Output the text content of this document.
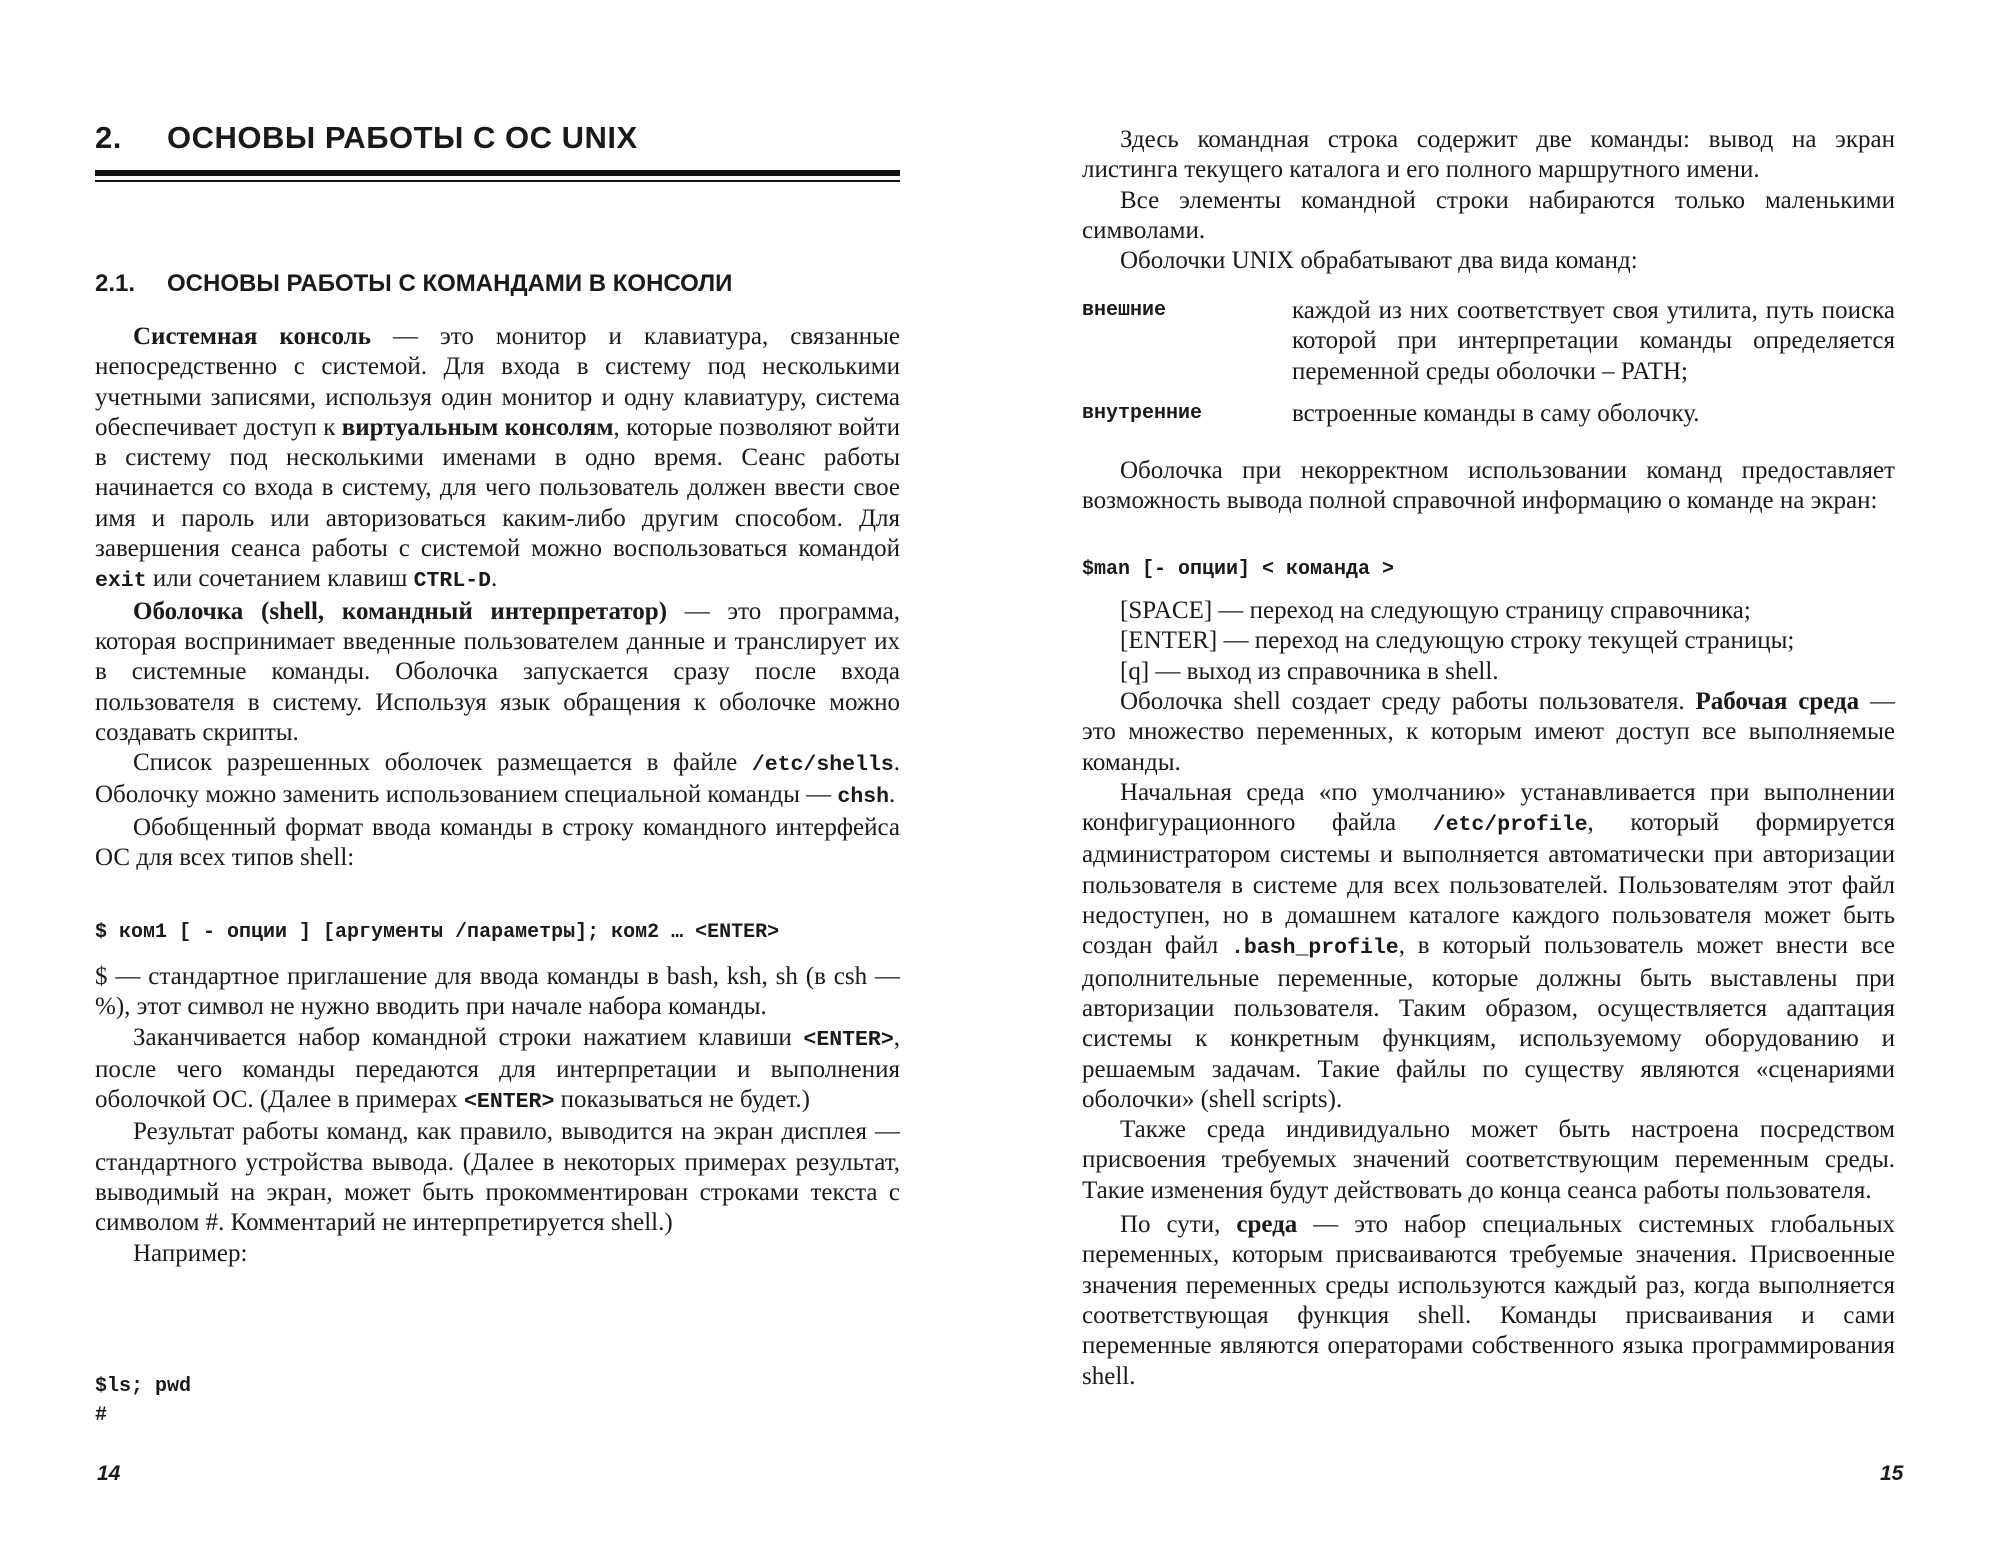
2. ОСНОВЫ РАБОТЫ С ОС UNIX
2.1. ОСНОВЫ РАБОТЫ С КОМАНДАМИ В КОНСОЛИ

Системная консоль — это монитор и клавиатура, связанные непосредственно с системой. Для входа в систему под несколькими учетными записями, используя один монитор и одну клавиатуру, система обеспечивает доступ к виртуальным консолям, которые позволяют войти в систему под несколькими именами в одно время. Сеанс работы начинается со входа в систему, для чего пользователь должен ввести свое имя и пароль или авторизоваться каким-либо другим способом. Для завершения сеанса работы с системой можно воспользоваться командой exit или сочетанием клавиш CTRL-D.

Оболочка (shell, командный интерпретатор) — это программа, которая воспринимает введенные пользователем данные и транслирует их в системные команды. Оболочка запускается сразу после входа пользователя в систему. Используя язык обращения к оболочке можно создавать скрипты.

Список разрешенных оболочек размещается в файле /etc/shells. Оболочку можно заменить использованием специальной команды — chsh.

Обобщенный формат ввода команды в строку командного интерфейса ОС для всех типов shell:

$ ком1 [ - опции ] [аргументы /параметры]; ком2 … <ENTER>

$ — стандартное приглашение для ввода команды в bash, ksh, sh (в csh — %), этот символ не нужно вводить при начале набора команды.

Заканчивается набор командной строки нажатием клавиши <ENTER>, после чего команды передаются для интерпретации и выполнения оболочкой ОС. (Далее в примерах <ENTER> показываться не будет.)

Результат работы команд, как правило, выводится на экран дисплея — стандартного устройства вывода. (Далее в некоторых примерах результат, выводимый на экран, может быть прокомментирован строками текста с символом #. Комментарий не интерпретируется shell.)

Например:

$ls; pwd
#
14

Здесь командная строка содержит две команды: вывод на экран листинга текущего каталога и его полного маршрутного имени.

Все элементы командной строки набираются только маленькими символами.

Оболочки UNIX обрабатывают два вида команд:

внешние	каждой из них соответствует своя утилита, путь поиска которой при интерпретации команды определяется переменной среды оболочки – PATH;
внутренние	встроенные команды в саму оболочку.

Оболочка при некорректном использовании команд предоставляет возможность вывода полной справочной информацию о команде на экран:

$man [- опции] < команда >
[SPACE] — переход на следующую страницу справочника;
[ENTER] — переход на следующую строку текущей страницы;
[q] — выход из справочника в shell.

Оболочка shell создает среду работы пользователя. Рабочая среда — это множество переменных, к которым имеют доступ все выполняемые команды.

Начальная среда «по умолчанию» устанавливается при выполнении конфигурационного файла /etc/profile, который формируется администратором системы и выполняется автоматически при авторизации пользователя в системе для всех пользователей. Пользователям этот файл недоступен, но в домашнем каталоге каждого пользователя может быть создан файл .bash_profile, в который пользователь может внести все дополнительные переменные, которые должны быть выставлены при авторизации пользователя. Таким образом, осуществляется адаптация системы к конкретным функциям, используемому оборудованию и решаемым задачам. Такие файлы по существу являются «сценариями оболочки» (shell scripts).

Также среда индивидуально может быть настроена посредством присвоения требуемых значений соответствующим переменным среды. Такие изменения будут действовать до конца сеанса работы пользователя.

По сути, среда — это набор специальных системных глобальных переменных, которым присваиваются требуемые значения. Присвоенные значения переменных среды используются каждый раз, когда выполняется соответствующая функция shell. Команды присваивания и сами переменные являются операторами собственного языка программирования shell.

15
